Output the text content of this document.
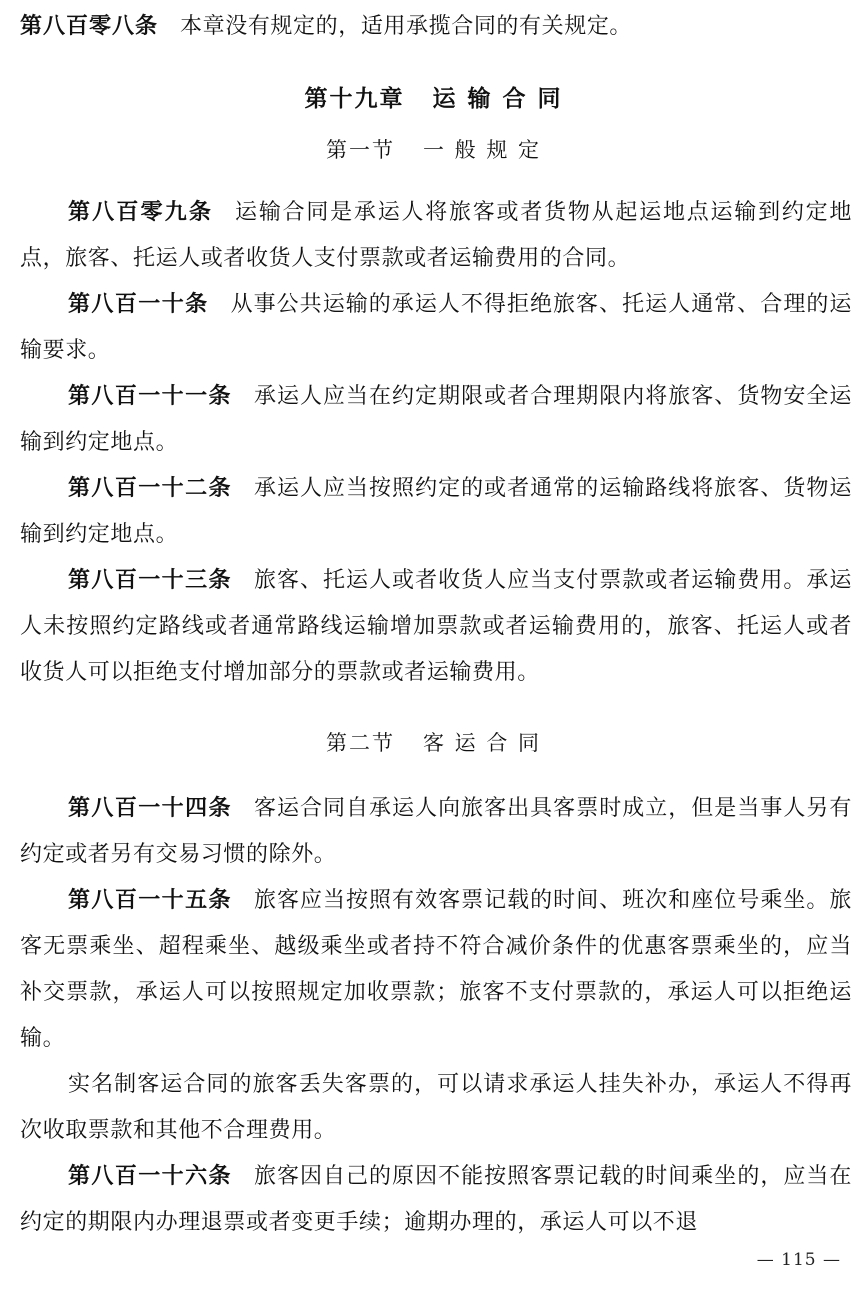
第八百零八条 本章没有规定的，适用承揽合同的有关规定。
第十九章 运 输 合 同
第一节 一 般 规 定
第八百零九条 运输合同是承运人将旅客或者货物从起运地点运输到约定地点，旅客、托运人或者收货人支付票款或者运输费用的合同。
第八百一十条 从事公共运输的承运人不得拒绝旅客、托运人通常、合理的运输要求。
第八百一十一条 承运人应当在约定期限或者合理期限内将旅客、货物安全运输到约定地点。
第八百一十二条 承运人应当按照约定的或者通常的运输路线将旅客、货物运输到约定地点。
第八百一十三条 旅客、托运人或者收货人应当支付票款或者运输费用。承运人未按照约定路线或者通常路线运输增加票款或者运输费用的，旅客、托运人或者收货人可以拒绝支付增加部分的票款或者运输费用。
第二节 客 运 合 同
第八百一十四条 客运合同自承运人向旅客出具客票时成立，但是当事人另有约定或者另有交易习惯的除外。
第八百一十五条 旅客应当按照有效客票记载的时间、班次和座位号乘坐。旅客无票乘坐、超程乘坐、越级乘坐或者持不符合减价条件的优惠客票乘坐的，应当补交票款，承运人可以按照规定加收票款；旅客不支付票款的，承运人可以拒绝运输。
实名制客运合同的旅客丢失客票的，可以请求承运人挂失补办，承运人不得再次收取票款和其他不合理费用。
第八百一十六条 旅客因自己的原因不能按照客票记载的时间乘坐的，应当在约定的期限内办理退票或者变更手续；逾期办理的，承运人可以不退
— 115 —
